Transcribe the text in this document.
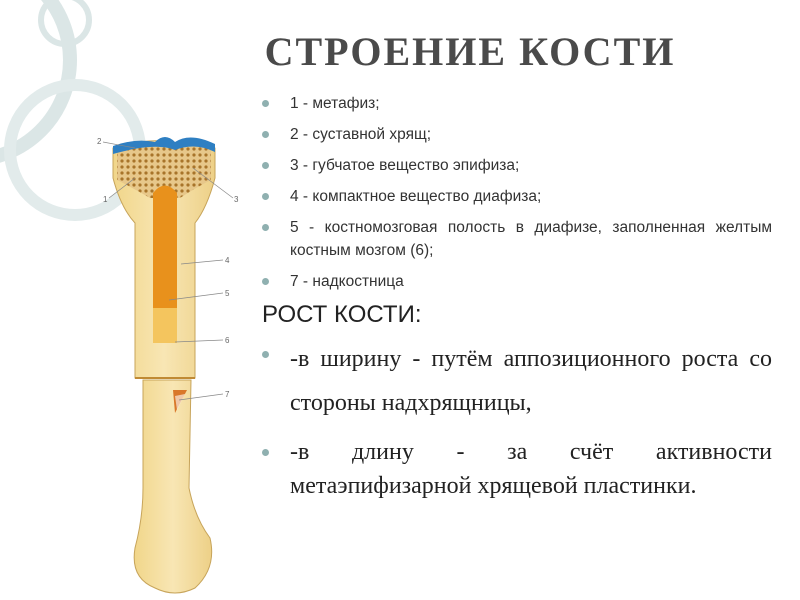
СТРОЕНИЕ КОСТИ
2
1	3
4
5
6
7
1 - метафиз;
2 - суставной хрящ;
3 - губчатое вещество эпифиза;
4 - компактное вещество диафиза;
5 - костномозговая полость в диафизе, заполненная желтым костным мозгом (6);
7 - надкостница
РОСТ КОСТИ:
-в ширину - путём аппозиционного роста со стороны надхрящницы,
-в длину - за счёт активности метаэпифизарной хрящевой пластинки.
